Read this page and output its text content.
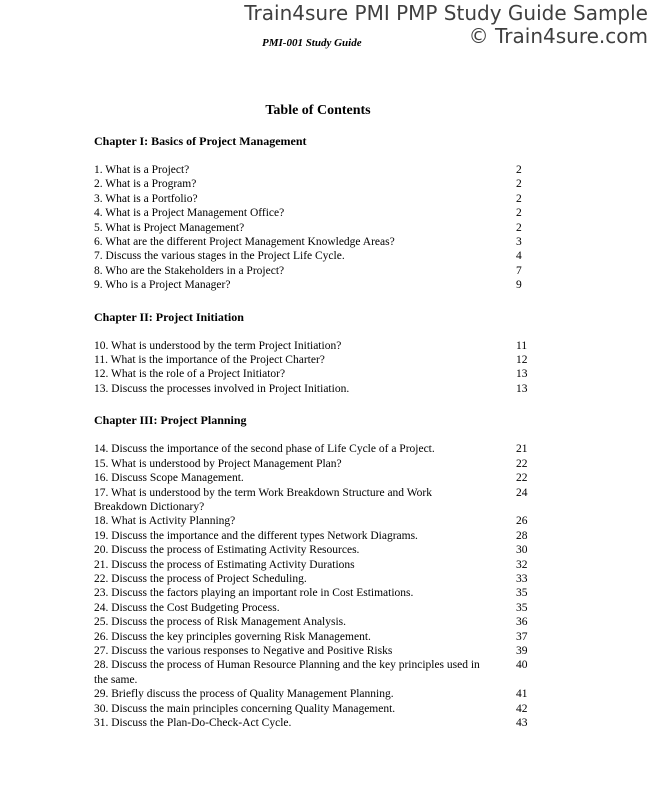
Train4sure PMI PMP Study Guide Sample
© Train4sure.com
PMI-001 Study Guide
Table of Contents
Chapter I: Basics of Project Management
1. What is a Project?	2
2. What is a Program?	2
3. What is a Portfolio?	2
4. What is a Project Management Office?	2
5. What is Project Management?	2
6. What are the different Project Management Knowledge Areas?	3
7. Discuss the various stages in the Project Life Cycle.	4
8. Who are the Stakeholders in a Project?	7
9. Who is a Project Manager?	9
Chapter II: Project Initiation
10. What is understood by the term Project Initiation?	11
11. What is the importance of the Project Charter?	12
12. What is the role of a Project Initiator?	13
13. Discuss the processes involved in Project Initiation.	13
Chapter III: Project Planning
14. Discuss the importance of the second phase of Life Cycle of a Project.	21
15. What is understood by Project Management Plan?	22
16. Discuss Scope Management.	22
17. What is understood by the term Work Breakdown Structure and Work Breakdown Dictionary?
24
18. What is Activity Planning?	26
19. Discuss the importance and the different types Network Diagrams.	28
20. Discuss the process of Estimating Activity Resources.	30
21. Discuss the process of Estimating Activity Durations	32
22. Discuss the process of Project Scheduling.	33
23. Discuss the factors playing an important role in Cost Estimations.	35
24. Discuss the Cost Budgeting Process.	35
25. Discuss the process of Risk Management Analysis.	36
26. Discuss the key principles governing Risk Management.	37
27. Discuss the various responses to Negative and Positive Risks	39
28. Discuss the process of Human Resource Planning and the key principles used in the same.
40
29. Briefly discuss the process of Quality Management Planning.	41
30. Discuss the main principles concerning Quality Management.	42
31. Discuss the Plan-Do-Check-Act Cycle.	43
